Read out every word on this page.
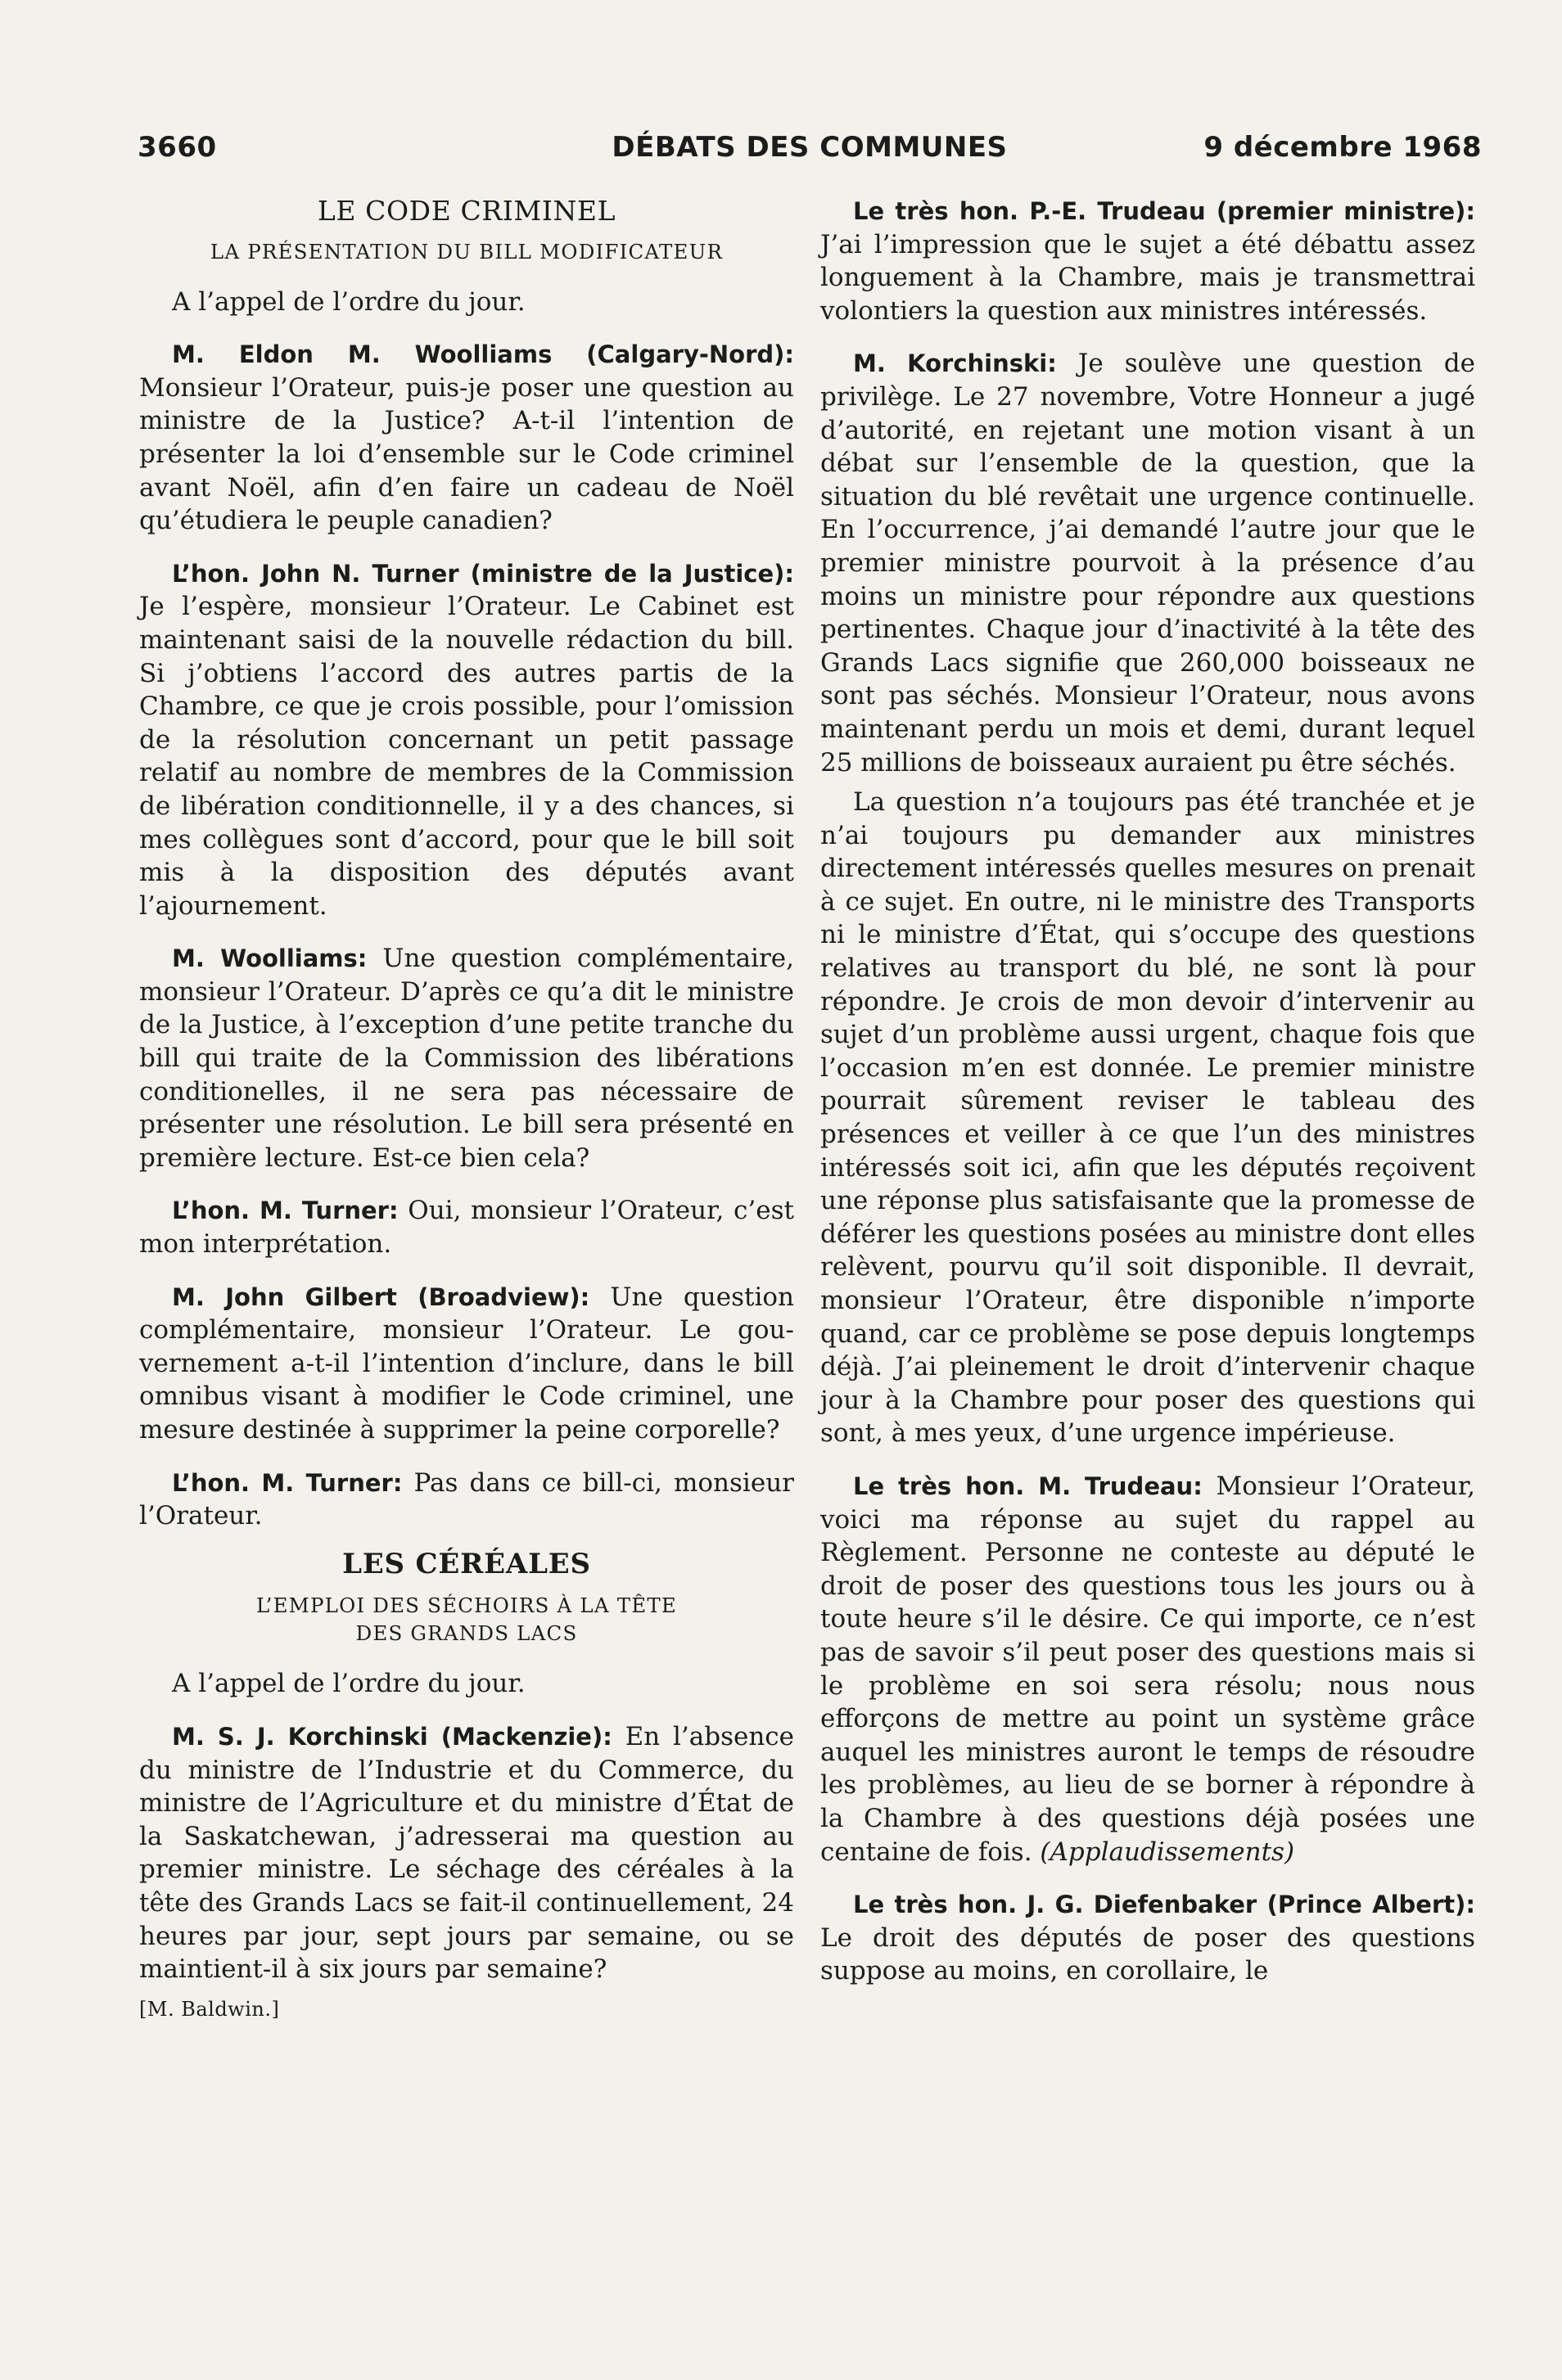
3660	DÉBATS DES COMMUNES	9 décembre 1968
LE CODE CRIMINEL
LA PRÉSENTATION DU BILL MODIFICATEUR

A l’appel de l’ordre du jour.

M. Eldon M. Woolliams (Calgary-Nord): Monsieur l’Orateur, puis-je poser une question au ministre de la Justice? A-t-il l’intention de présenter la loi d’ensemble sur le Code criminel avant Noël, afin d’en faire un cadeau de Noël qu’étudiera le peuple canadien?

L’hon. John N. Turner (ministre de la Justice): Je l’espère, monsieur l’Orateur. Le Cabinet est maintenant saisi de la nouvelle rédaction du bill. Si j’obtiens l’accord des autres partis de la Chambre, ce que je crois possible, pour l’omission de la résolution concernant un petit passage relatif au nombre de membres de la Commission de libération conditionnelle, il y a des chances, si mes collègues sont d’accord, pour que le bill soit mis à la disposition des députés avant l’ajournement.

M. Woolliams: Une question complémentaire, monsieur l’Orateur. D’après ce qu’a dit le ministre de la Justice, à l’exception d’une petite tranche du bill qui traite de la Commission des libérations conditionelles, il ne sera pas nécessaire de présenter une résolution. Le bill sera présenté en première lecture. Est-ce bien cela?

L’hon. M. Turner: Oui, monsieur l’Orateur, c’est mon interprétation.

M. John Gilbert (Broadview): Une question complémentaire, monsieur l’Orateur. Le gouvernement a-t-il l’intention d’inclure, dans le bill omnibus visant à modifier le Code criminel, une mesure destinée à supprimer la peine corporelle?

L’hon. M. Turner: Pas dans ce bill-ci, monsieur l’Orateur.

LES CÉRÉALES
L’EMPLOI DES SÉCHOIRS À LA TÊTE
DES GRANDS LACS

A l’appel de l’ordre du jour.

M. S. J. Korchinski (Mackenzie): En l’absence du ministre de l’Industrie et du Commerce, du ministre de l’Agriculture et du ministre d’État de la Saskatchewan, j’adresserai ma question au premier ministre. Le séchage des céréales à la tête des Grands Lacs se fait-il continuellement, 24 heures par jour, sept jours par semaine, ou se maintient-il à six jours par semaine?

[M. Baldwin.]

Le très hon. P.-E. Trudeau (premier ministre): J’ai l’impression que le sujet a été débattu assez longuement à la Chambre, mais je transmettrai volontiers la question aux ministres intéressés.

M. Korchinski: Je soulève une question de privilège. Le 27 novembre, Votre Honneur a jugé d’autorité, en rejetant une motion visant à un débat sur l’ensemble de la question, que la situation du blé revêtait une urgence continuelle. En l’occurrence, j’ai demandé l’autre jour que le premier ministre pourvoit à la présence d’au moins un ministre pour répondre aux questions pertinentes. Chaque jour d’inactivité à la tête des Grands Lacs signifie que 260,000 boisseaux ne sont pas séchés. Monsieur l’Orateur, nous avons maintenant perdu un mois et demi, durant lequel 25 millions de boisseaux auraient pu être séchés.

La question n’a toujours pas été tranchée et je n’ai toujours pu demander aux ministres directement intéressés quelles mesures on prenait à ce sujet. En outre, ni le ministre des Transports ni le ministre d’État, qui s’occupe des questions relatives au transport du blé, ne sont là pour répondre. Je crois de mon devoir d’intervenir au sujet d’un problème aussi urgent, chaque fois que l’occasion m’en est donnée. Le premier ministre pourrait sûrement reviser le tableau des présences et veiller à ce que l’un des ministres intéressés soit ici, afin que les députés reçoivent une réponse plus satisfaisante que la promesse de déférer les questions posées au ministre dont elles relèvent, pourvu qu’il soit disponible. Il devrait, monsieur l’Orateur, être disponible n’importe quand, car ce problème se pose depuis longtemps déjà. J’ai pleinement le droit d’intervenir chaque jour à la Chambre pour poser des questions qui sont, à mes yeux, d’une urgence impérieuse.

Le très hon. M. Trudeau: Monsieur l’Orateur, voici ma réponse au sujet du rappel au Règlement. Personne ne conteste au député le droit de poser des questions tous les jours ou à toute heure s’il le désire. Ce qui importe, ce n’est pas de savoir s’il peut poser des questions mais si le problème en soi sera résolu; nous nous efforçons de mettre au point un système grâce auquel les ministres auront le temps de résoudre les problèmes, au lieu de se borner à répondre à la Chambre à des questions déjà posées une centaine de fois. (Applaudissements)

Le très hon. J. G. Diefenbaker (Prince Albert): Le droit des députés de poser des questions suppose au moins, en corollaire, le
